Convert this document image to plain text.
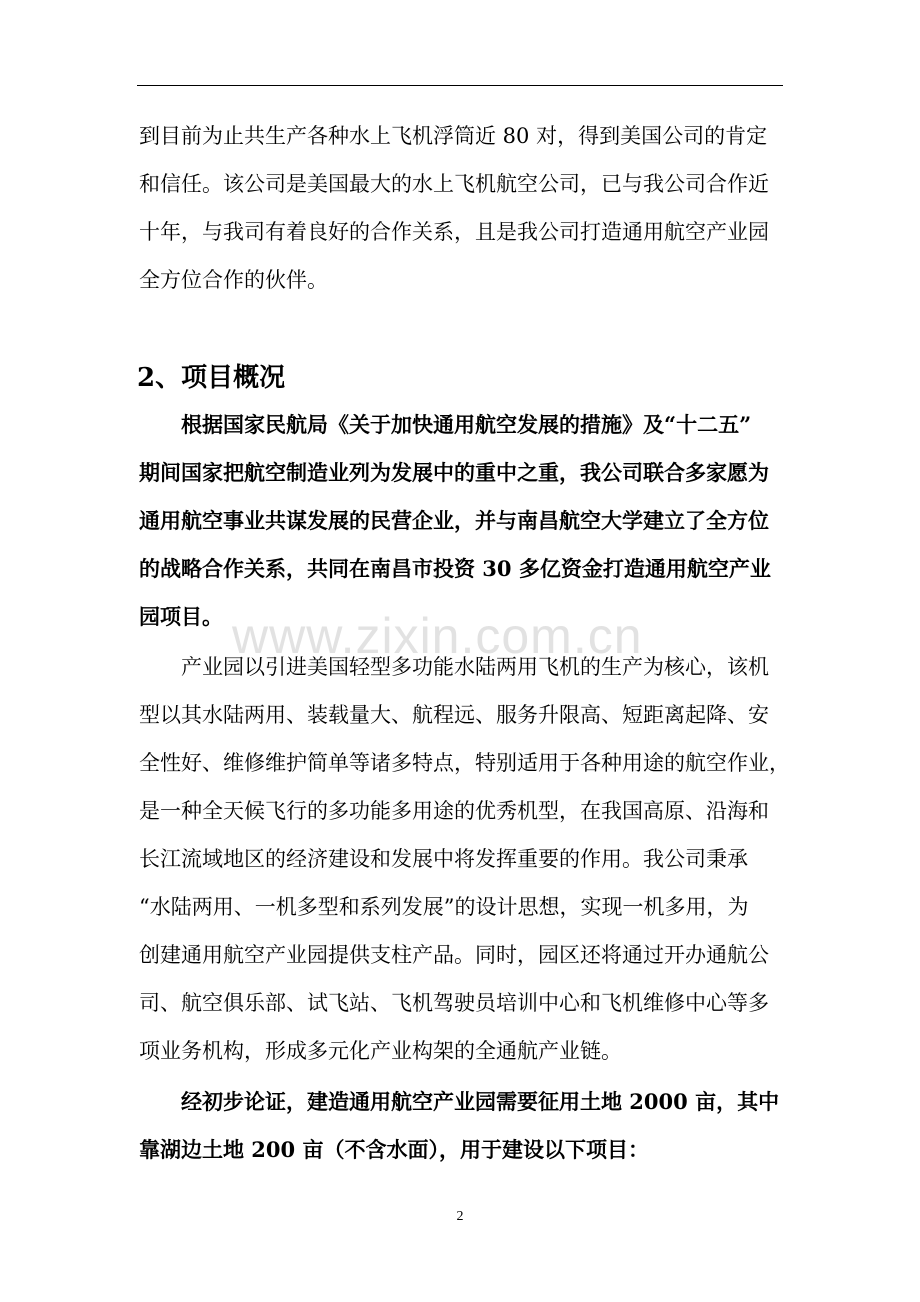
到目前为止共生产各种水上飞机浮筒近 80 对，得到美国公司的肯定

和信任。该公司是美国最大的水上飞机航空公司，已与我公司合作近

十年，与我司有着良好的合作关系，且是我公司打造通用航空产业园

全方位合作的伙伴。

2、项目概况

根据国家民航局《关于加快通用航空发展的措施》及“十二五”

期间国家把航空制造业列为发展中的重中之重，我公司联合多家愿为

通用航空事业共谋发展的民营企业，并与南昌航空大学建立了全方位

的战略合作关系，共同在南昌市投资 30 多亿资金打造通用航空产业

园项目。 www.zixin.com.cn

产业园以引进美国轻型多功能水陆两用飞机的生产为核心，该机

型以其水陆两用、装载量大、航程远、服务升限高、短距离起降、安

全性好、维修维护简单等诸多特点，特别适用于各种用途的航空作业，

是一种全天候飞行的多功能多用途的优秀机型，在我国高原、沿海和

长江流域地区的经济建设和发展中将发挥重要的作用。我公司秉承

“水陆两用、一机多型和系列发展”的设计思想，实现一机多用，为

创建通用航空产业园提供支柱产品。同时，园区还将通过开办通航公

司、航空俱乐部、试飞站、飞机驾驶员培训中心和飞机维修中心等多

项业务机构，形成多元化产业构架的全通航产业链。

经初步论证，建造通用航空产业园需要征用土地 2000 亩，其中

靠湖边土地 200 亩（不含水面），用于建设以下项目：

2
